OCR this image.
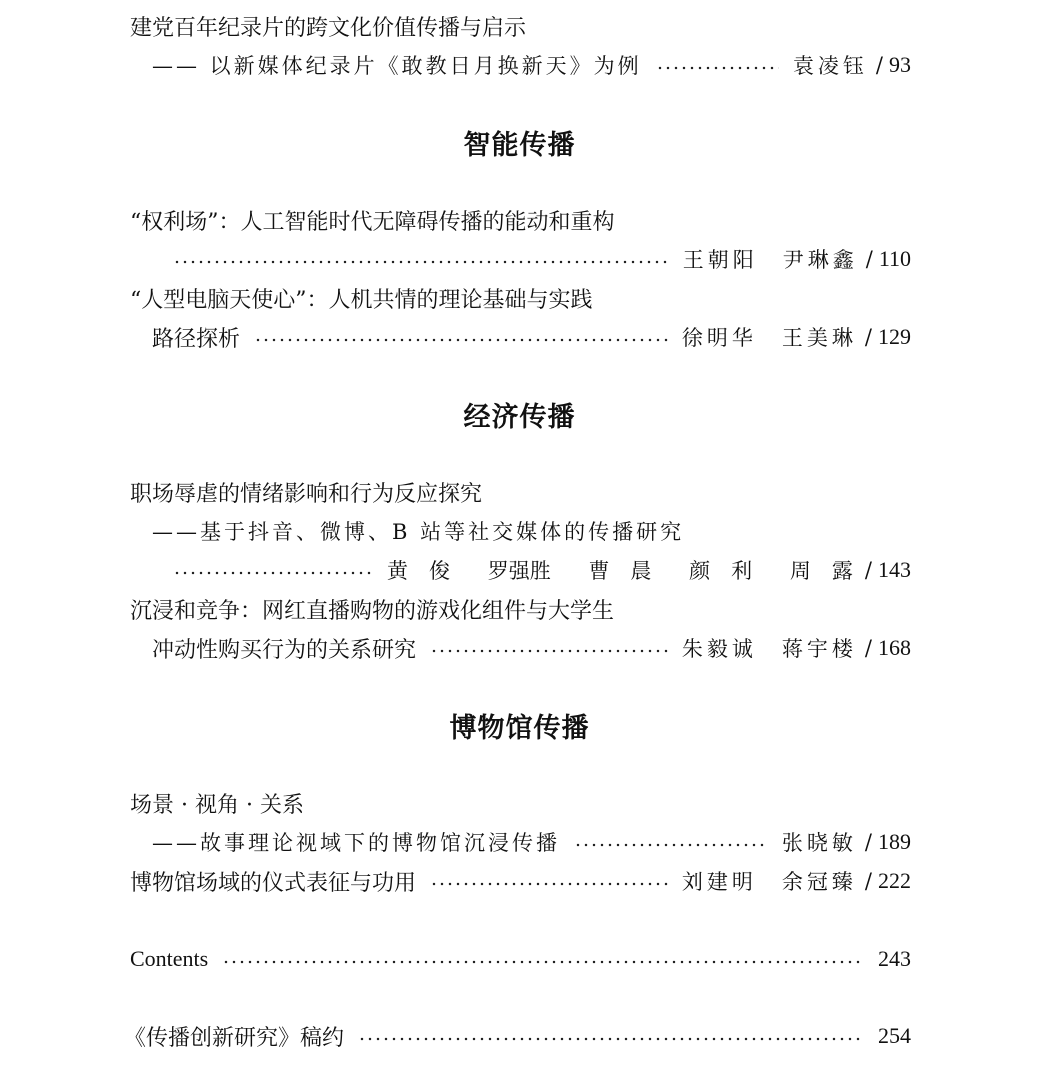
建党百年纪录片的跨文化价值传播与启示
—— 以新媒体纪录片《敢教日月换新天》为例	袁凌钰 / 93
智能传播
“权利场”：人工智能时代无障碍传播的能动和重构
王朝阳　尹琳鑫 / 110
“人型电脑天使心”：人机共情的理论基础与实践
路径探析	徐明华　王美琳 / 129
经济传播
职场辱虐的情绪影响和行为反应探究
——基于抖音、微博、B 站等社交媒体的传播研究
黄　俊 罗强胜 曹　晨 颜　利 周　露 / 143
沉浸和竞争：网红直播购物的游戏化组件与大学生
冲动性购买行为的关系研究	朱毅诚　蒋宇楼 / 168
博物馆传播
场景 · 视角 · 关系
——故事理论视域下的博物馆沉浸传播	张晓敏 / 189
博物馆场域的仪式表征与功用	刘建明　余冠臻 / 222
Contents	243
《传播创新研究》稿约	254
